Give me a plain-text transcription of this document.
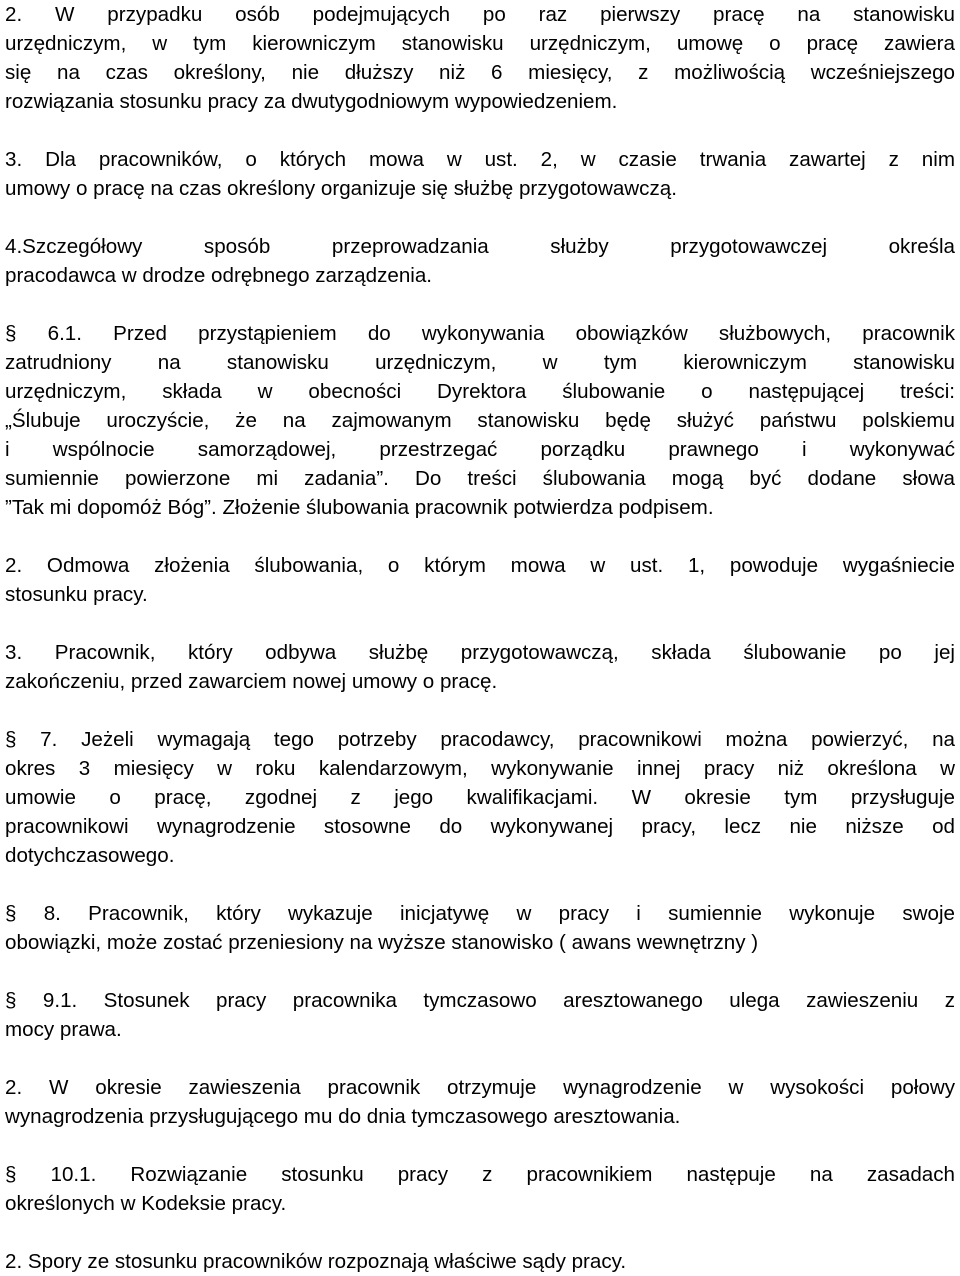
2. W przypadku osób podejmujących po raz pierwszy pracę na stanowisku
urzędniczym, w tym kierowniczym stanowisku urzędniczym, umowę o pracę zawiera
się na czas określony, nie dłuższy niż 6 miesięcy, z możliwością wcześniejszego
rozwiązania stosunku pracy za dwutygodniowym wypowiedzeniem.
3. Dla pracowników, o których mowa w ust. 2, w czasie trwania zawartej z nim
umowy o pracę na czas określony organizuje się służbę przygotowawczą.
4.Szczegółowy sposób przeprowadzania służby przygotowawczej określa
pracodawca w drodze odrębnego zarządzenia.
§ 6.1. Przed przystąpieniem do wykonywania obowiązków służbowych, pracownik
zatrudniony na stanowisku urzędniczym, w tym kierowniczym stanowisku
urzędniczym, składa w obecności Dyrektora ślubowanie o następującej treści:
„Ślubuje uroczyście, że na zajmowanym stanowisku będę służyć państwu polskiemu
i wspólnocie samorządowej, przestrzegać porządku prawnego i wykonywać
sumiennie powierzone mi zadania”. Do treści ślubowania mogą być dodane słowa
”Tak mi dopomóż Bóg”. Złożenie ślubowania pracownik potwierdza podpisem.
2. Odmowa złożenia ślubowania, o którym mowa w ust. 1, powoduje wygaśniecie
stosunku pracy.
3. Pracownik, który odbywa służbę przygotowawczą, składa ślubowanie po jej
zakończeniu, przed zawarciem nowej umowy o pracę.
§ 7. Jeżeli wymagają tego potrzeby pracodawcy, pracownikowi można powierzyć, na
okres 3 miesięcy w roku kalendarzowym, wykonywanie innej pracy niż określona w
umowie o pracę, zgodnej z jego kwalifikacjami. W okresie tym przysługuje
pracownikowi wynagrodzenie stosowne do wykonywanej pracy, lecz nie niższe od
dotychczasowego.
§ 8. Pracownik, który wykazuje inicjatywę w pracy i sumiennie wykonuje swoje
obowiązki, może zostać przeniesiony na wyższe stanowisko ( awans wewnętrzny )
§ 9.1. Stosunek pracy pracownika tymczasowo aresztowanego ulega zawieszeniu z
mocy prawa.
2. W okresie zawieszenia pracownik otrzymuje wynagrodzenie w wysokości połowy
wynagrodzenia przysługującego mu do dnia tymczasowego aresztowania.
§ 10.1. Rozwiązanie stosunku pracy z pracownikiem następuje na zasadach
określonych w Kodeksie pracy.
2. Spory ze stosunku pracowników rozpoznają właściwe sądy pracy.
